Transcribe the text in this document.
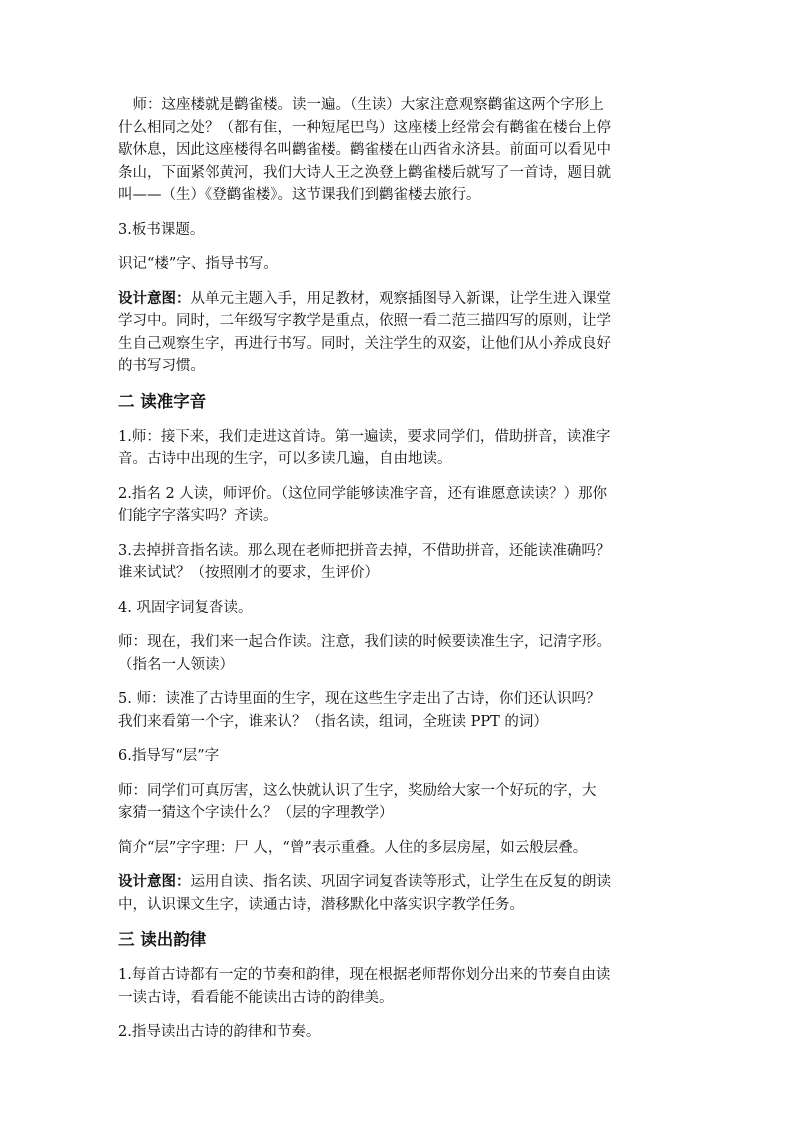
　师：这座楼就是鹳雀楼。读一遍。（生读）大家注意观察鹳雀这两个字形上
什么相同之处？（都有隹，一种短尾巴鸟）这座楼上经常会有鹳雀在楼台上停
歇休息，因此这座楼得名叫鹳雀楼。鹳雀楼在山西省永济县。前面可以看见中
条山，下面紧邻黄河，我们大诗人王之涣登上鹳雀楼后就写了一首诗，题目就
叫——（生）《登鹳雀楼》。这节课我们到鹳雀楼去旅行。

3.板书课题。

识记“楼”字、指导书写。

设计意图：从单元主题入手，用足教材，观察插图导入新课，让学生进入课堂
学习中。同时，二年级写字教学是重点，依照一看二范三描四写的原则，让学
生自己观察生字，再进行书写。同时，关注学生的双姿，让他们从小养成良好
的书写习惯。

二 读准字音

1.师：接下来，我们走进这首诗。第一遍读，要求同学们，借助拼音，读准字
音。古诗中出现的生字，可以多读几遍，自由地读。

2.指名 2 人读，师评价。（这位同学能够读准字音，还有谁愿意读读？）那你
们能字字落实吗？齐读。

3.去掉拼音指名读。那么现在老师把拼音去掉，不借助拼音，还能读准确吗？
谁来试试？（按照刚才的要求，生评价）

4. 巩固字词复沓读。

师：现在，我们来一起合作读。注意，我们读的时候要读准生字，记清字形。
（指名一人领读）

5. 师：读准了古诗里面的生字，现在这些生字走出了古诗，你们还认识吗？
我们来看第一个字，谁来认？（指名读，组词，全班读 PPT 的词）

6.指导写“层”字

师：同学们可真厉害，这么快就认识了生字，奖励给大家一个好玩的字，大
家猜一猜这个字读什么？（层的字理教学）

简介“层”字字理：尸 人，“曾”表示重叠。人住的多层房屋，如云般层叠。

设计意图：运用自读、指名读、巩固字词复沓读等形式，让学生在反复的朗读
中，认识课文生字，读通古诗，潜移默化中落实识字教学任务。

三 读出韵律

1.每首古诗都有一定的节奏和韵律，现在根据老师帮你划分出来的节奏自由读
一读古诗，看看能不能读出古诗的韵律美。

2.指导读出古诗的韵律和节奏。
